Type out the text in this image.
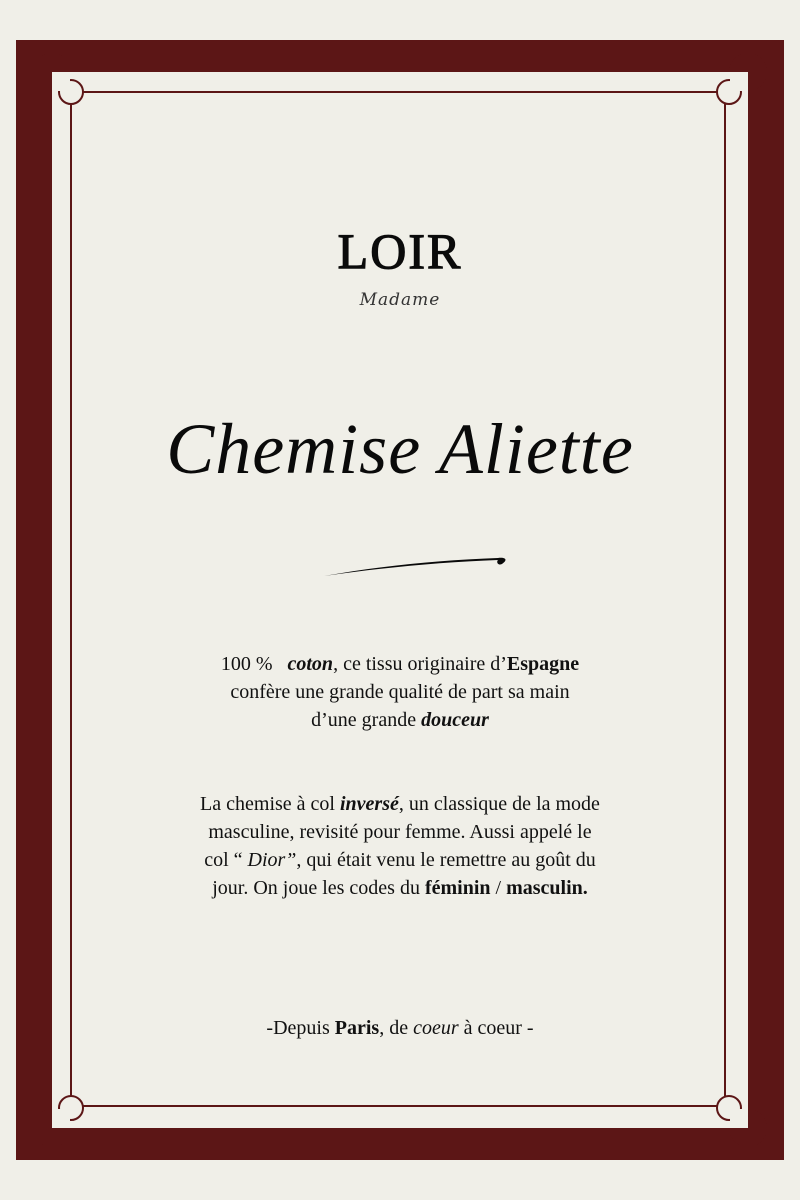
LOIR
Madame
Chemise Aliette
100 %   coton, ce tissu originaire d’Espagne
confère une grande qualité de part sa main
d’une grande douceur
La chemise à col inversé, un classique de la mode
masculine, revisité pour femme. Aussi appelé le
col “ Dior”, qui était venu le remettre au goût du
jour. On joue les codes du féminin / masculin.
-Depuis Paris, de coeur à coeur -
